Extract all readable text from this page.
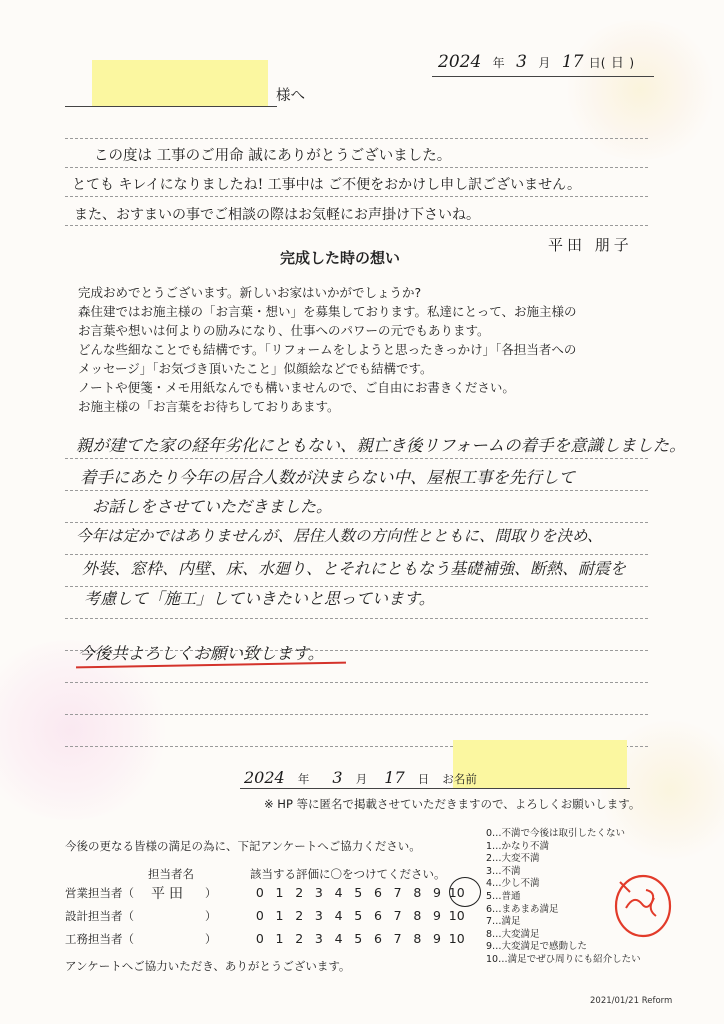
2024 年 3 月 17 日( 日 )
様へ
この度は 工事のご用命 誠にありがとうございました。
とても キレイになりましたね! 工事中は ご不便をおかけし申し訳ございません。
また、おすまいの事でご相談の際はお気軽にお声掛け下さいね。
平田 朋子
完成した時の想い
完成おめでとうございます。新しいお家はいかがでしょうか?
森住建ではお施主様の「お言葉・想い」を募集しております。私達にとって、お施主様の
お言葉や想いは何よりの励みになり、仕事へのパワーの元でもあります。
どんな些細なことでも結構です。「リフォームをしようと思ったきっかけ」「各担当者への
メッセージ」「お気づき頂いたこと」似顔絵などでも結構です。
ノートや便箋・メモ用紙なんでも構いませんので、ご自由にお書きください。
お施主様の「お言葉をお待ちしておりあます。
親が建てた家の経年劣化にともない、親亡き後リフォームの着手を意識しました。
着手にあたり今年の居合人数が決まらない中、屋根工事を先行して
お話しをさせていただきました。
今年は定かではありませんが、居住人数の方向性とともに、間取りを決め、
外装、窓枠、内壁、床、水廻り、とそれにともなう基礎補強、断熱、耐震を
考慮して「施工」していきたいと思っています。
今後共よろしくお願い致します。
2024 年 3 月 17 日 お名前
※ HP 等に匿名で掲載させていただきますので、よろしくお願いします。
今後の更なる皆様の満足の為に、下記アンケートへご協力ください。
担当者名	該当する評価に〇をつけてください。
営業担当者（ 平田 ）	0 1 2 3 4 5 6 7 8 9 10
設計担当者（	）	0 1 2 3 4 5 6 7 8 9 10
工務担当者（	）	0 1 2 3 4 5 6 7 8 9 10
アンケートへご協力いただき、ありがとうございます。
0…不満で今後は取引したくない
1…かなり不満
2…大変不満
3…不満
4…少し不満
5…普通
6…まあまあ満足
7…満足
8…大変満足
9…大変満足で感動した
10…満足でぜひ周りにも紹介したい
2021/01/21 Reform
